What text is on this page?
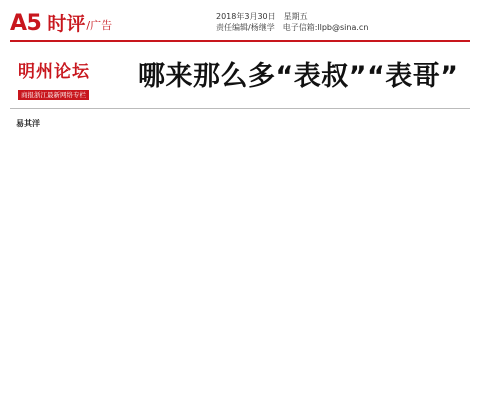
A5 时评 /广告
2018年3月30日 星期五
责任编辑/杨继学 电子信箱:llpb@sina.cn
明州论坛
商报浙江最新网络专栏
哪来那么多“表叔”“表哥”
易其洋
